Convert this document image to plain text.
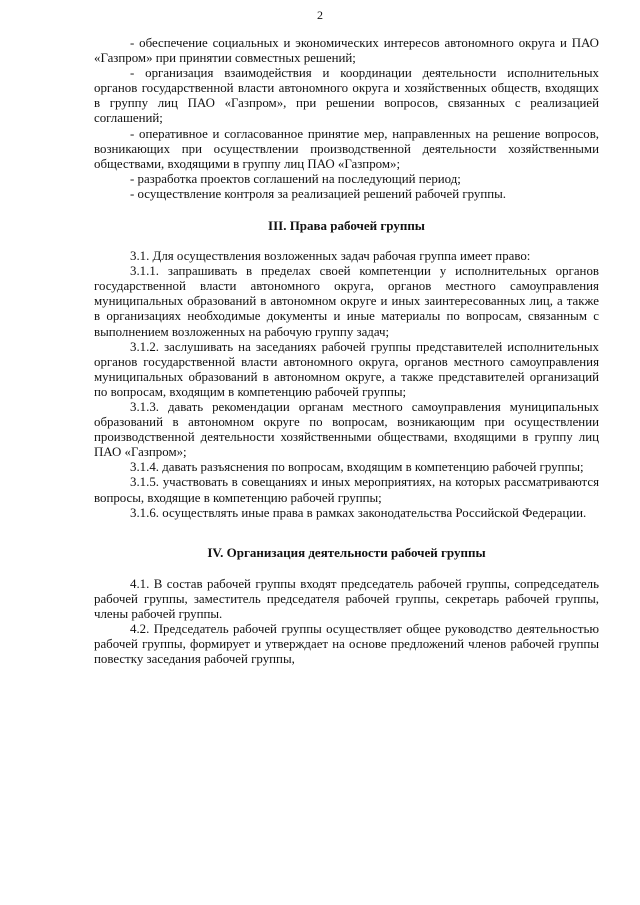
2

- обеспечение социальных и экономических интересов автономного округа и ПАО «Газпром» при принятии совместных решений;

- организация взаимодействия и координации деятельности исполнительных органов государственной власти автономного округа и хозяйственных обществ, входящих в группу лиц ПАО «Газпром», при решении вопросов, связанных с реализацией соглашений;

- оперативное и согласованное принятие мер, направленных на решение вопросов, возникающих при осуществлении производственной деятельности хозяйственными обществами, входящими в группу лиц ПАО «Газпром»;

- разработка проектов соглашений на последующий период;

- осуществление контроля за реализацией решений рабочей группы.

III. Права рабочей группы

3.1. Для осуществления возложенных задач рабочая группа имеет право:

3.1.1. запрашивать в пределах своей компетенции у исполнительных органов государственной власти автономного округа, органов местного самоуправления муниципальных образований в автономном округе и иных заинтересованных лиц, а также в организациях необходимые документы и иные материалы по вопросам, связанным с выполнением возложенных на рабочую группу задач;

3.1.2. заслушивать на заседаниях рабочей группы представителей исполнительных органов государственной власти автономного округа, органов местного самоуправления муниципальных образований в автономном округе, а также представителей организаций по вопросам, входящим в компетенцию рабочей группы;

3.1.3. давать рекомендации органам местного самоуправления муниципальных образований в автономном округе по вопросам, возникающим при осуществлении производственной деятельности хозяйственными обществами, входящими в группу лиц ПАО «Газпром»;

3.1.4. давать разъяснения по вопросам, входящим в компетенцию рабочей группы;

3.1.5. участвовать в совещаниях и иных мероприятиях, на которых рассматриваются вопросы, входящие в компетенцию рабочей группы;

3.1.6. осуществлять иные права в рамках законодательства Российской Федерации.

IV. Организация деятельности рабочей группы

4.1. В состав рабочей группы входят председатель рабочей группы, сопредседатель рабочей группы, заместитель председателя рабочей группы, секретарь рабочей группы, члены рабочей группы.

4.2. Председатель рабочей группы осуществляет общее руководство деятельностью рабочей группы, формирует и утверждает на основе предложений членов рабочей группы повестку заседания рабочей группы,
